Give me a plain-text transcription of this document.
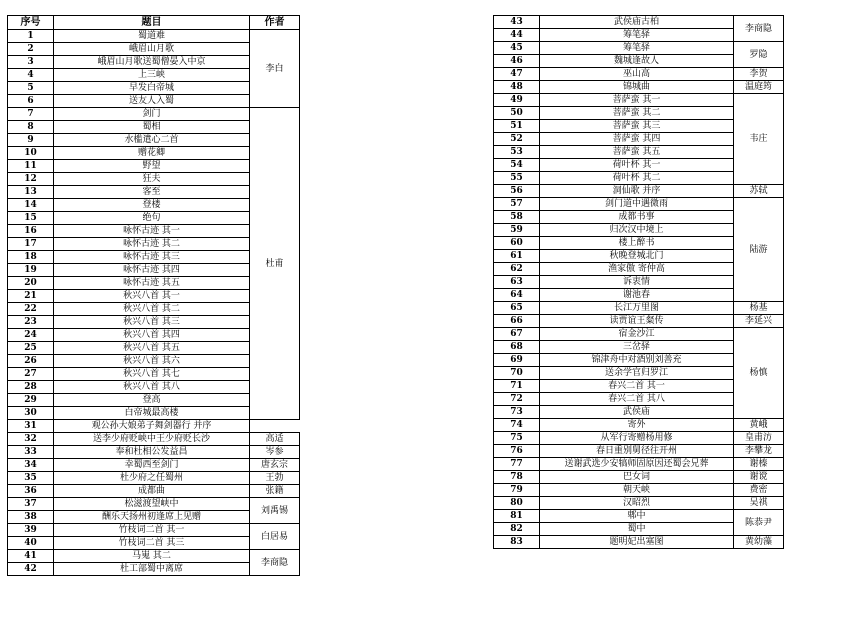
序号	题目	作者
1	蜀道难	李白
2	峨眉山月歌	
3	峨眉山月歌送蜀僧晏入中京	
4	上三峡	
5	早发白帝城	
6	送友人入蜀	
7	剑门	杜甫
8	蜀相	
9	水槛遣心二首	
10	赠花卿	
11	野望	
12	狂夫	
13	客至	
14	登楼	
15	绝句	
16	咏怀古迹 其一	
17	咏怀古迹 其二	
18	咏怀古迹 其三	
19	咏怀古迹 其四	
20	咏怀古迹 其五	
21	秋兴八首 其一	
22	秋兴八首 其二	
23	秋兴八首 其三	
24	秋兴八首 其四	
25	秋兴八首 其五	
26	秋兴八首 其六	
27	秋兴八首 其七	
28	秋兴八首 其八	
29	登高	
30	白帝城最高楼	
31	观公孙大娘弟子舞剑器行 并序	
32	送李少府贬峡中王少府贬长沙	高适
33	奉和杜相公发益昌	岑参
34	幸蜀西至剑门	唐玄宗
35	杜少府之任蜀州	王勃
36	成都曲	张籍
37	松滋渡望峡中	刘禹锡
38	酬乐天扬州初逢席上见赠	
39	竹枝词二首 其一	白居易
40	竹枝词二首 其三	
41	马嵬 其二	李商隐
42	杜工部蜀中离席	
43	武侯庙古柏	李商隐
44	筹笔驿	
45	筹笔驿	罗隐
46	魏城逢故人	
47	巫山高	李贺
48	锦城曲	温庭筠
49	菩萨蛮 其一	韦庄
50	菩萨蛮 其二	
51	菩萨蛮 其三	
52	菩萨蛮 其四	
53	菩萨蛮 其五	
54	荷叶杯 其一	
55	荷叶杯 其二	
56	洞仙歌 并序	苏轼
57	剑门道中遇微雨	陆游
58	成都书事	
59	归次汉中境上	
60	楼上醉书	
61	秋晚登城北门	
62	渔家傲 寄仲高	
63	诉衷情	
64	谢池春	
65	长江万里图	杨基
66	读贾谊王粲传	李延兴
67	宿金沙江	杨慎
68	三岔驿	
69	锦津舟中对酒别刘善充	
70	送余学官归罗江	
71	春兴二首 其一	
72	春兴二首 其八	
73	武侯庙	
74	寄外	黄峨
75	从军行寄赠杨用修	皇甫汸
76	春日重别舅径往开州	李攀龙
77	送谢武选少安犒师固原因还蜀会兄葬	谢榛
78	巴女词	谢谠
79	朝天峡	费密
80	汉昭烈	吴祺
81	郫中	陈恭尹
82	蜀中	
83	题明妃出塞图	黄幼藻
